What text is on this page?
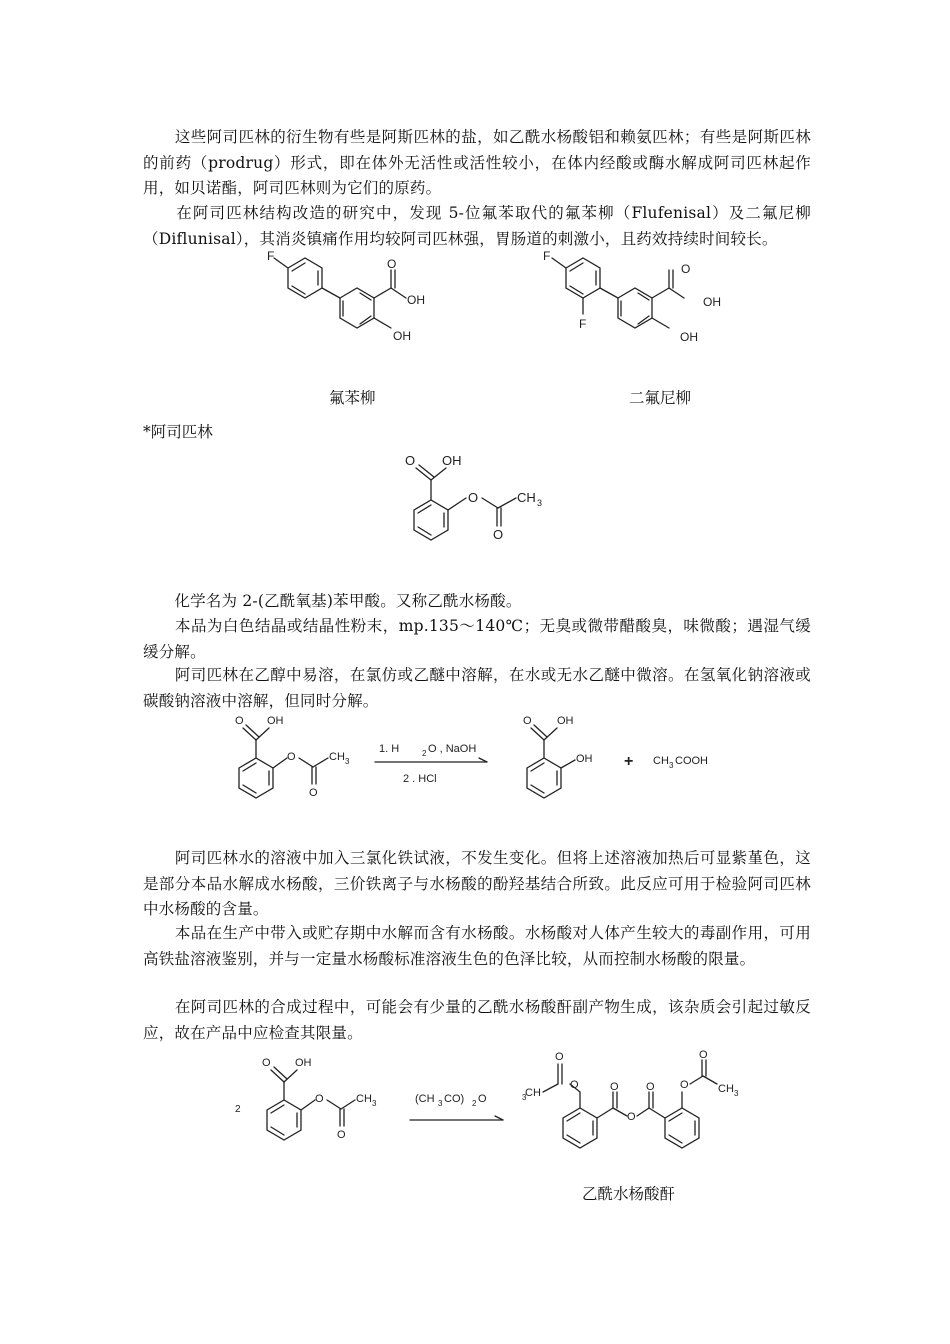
　　这些阿司匹林的衍生物有些是阿斯匹林的盐，如乙酰水杨酸铝和赖氨匹林；有些是阿斯匹林的前药（prodrug）形式，即在体外无活性或活性较小，在体内经酸或酶水解成阿司匹林起作用，如贝诺酯，阿司匹林则为它们的原药。
　　在阿司匹林结构改造的研究中，发现 5-位氟苯取代的氟苯柳（Flufenisal）及二氟尼柳（Diflunisal），其消炎镇痛作用均较阿司匹林强，胃肠道的刺激小，且药效持续时间较长。
F
O
OH
OH
F
F
O
OH
OH
氟苯柳	二氟尼柳
*阿司匹林
O OH
O	CH 3
O
　　化学名为 2-(乙酰氧基)苯甲酸。又称乙酰水杨酸。
　　本品为白色结晶或结晶性粉末，mp.135～140℃；无臭或微带醋酸臭，味微酸；遇湿气缓缓分解。
　　阿司匹林在乙醇中易溶，在氯仿或乙醚中溶解，在水或无水乙醚中微溶。在氢氧化钠溶液或碳酸钠溶液中溶解，但同时分解。
O OH
O	CH 3
O
1. H	2 O , NaOH
2 . HCl
O OH
OH + CH 3 COOH
　　阿司匹林水的溶液中加入三氯化铁试液，不发生变化。但将上述溶液加热后可显紫堇色，这是部分本品水解成水杨酸，三价铁离子与水杨酸的酚羟基结合所致。此反应可用于检验阿司匹林中水杨酸的含量。
　　本品在生产中带入或贮存期中水解而含有水杨酸。水杨酸对人体产生较大的毒副作用，可用高铁盐溶液鉴别，并与一定量水杨酸标准溶液生色的色泽比较，从而控制水杨酸的限量。
　　在阿司匹林的合成过程中，可能会有少量的乙酰水杨酸酐副产物生成，该杂质会引起过敏反应，故在产品中应检查其限量。
2
O OH
O	CH 3
O
(CH 3 CO) 2 O
O
CH
3
O	O
O
O O
O
CH 3
乙酰水杨酸酐
